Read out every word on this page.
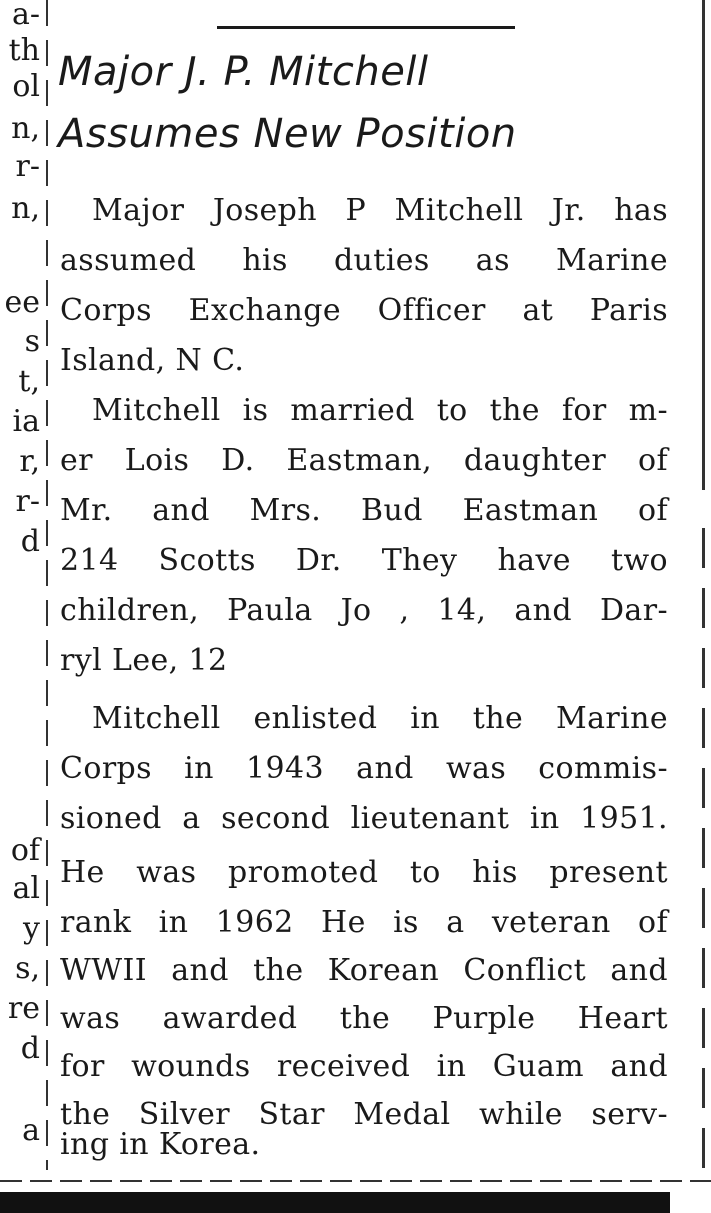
a-
th
ol
n,
r-
n,
ee
s
t,
ia
r,
r-
d
of
al
y
s,
re
d
a
Major J. P. Mitchell
Assumes New Position
Major Joseph P Mitchell Jr. has
assumed his duties as Marine
Corps Exchange Officer at Paris
Island, N C.
Mitchell is married to the for m-
er Lois D. Eastman, daughter of
Mr. and Mrs. Bud Eastman of
214 Scotts Dr. They have two
children, Paula Jo , 14, and Dar-
ryl Lee, 12
Mitchell enlisted in the Marine
Corps in 1943 and was commis-
sioned a second lieutenant in 1951.
He was promoted to his present
rank in 1962 He is a veteran of
WWII and the Korean Conflict and
was awarded the Purple Heart
for wounds received in Guam and
the Silver Star Medal while serv-
ing in Korea.
